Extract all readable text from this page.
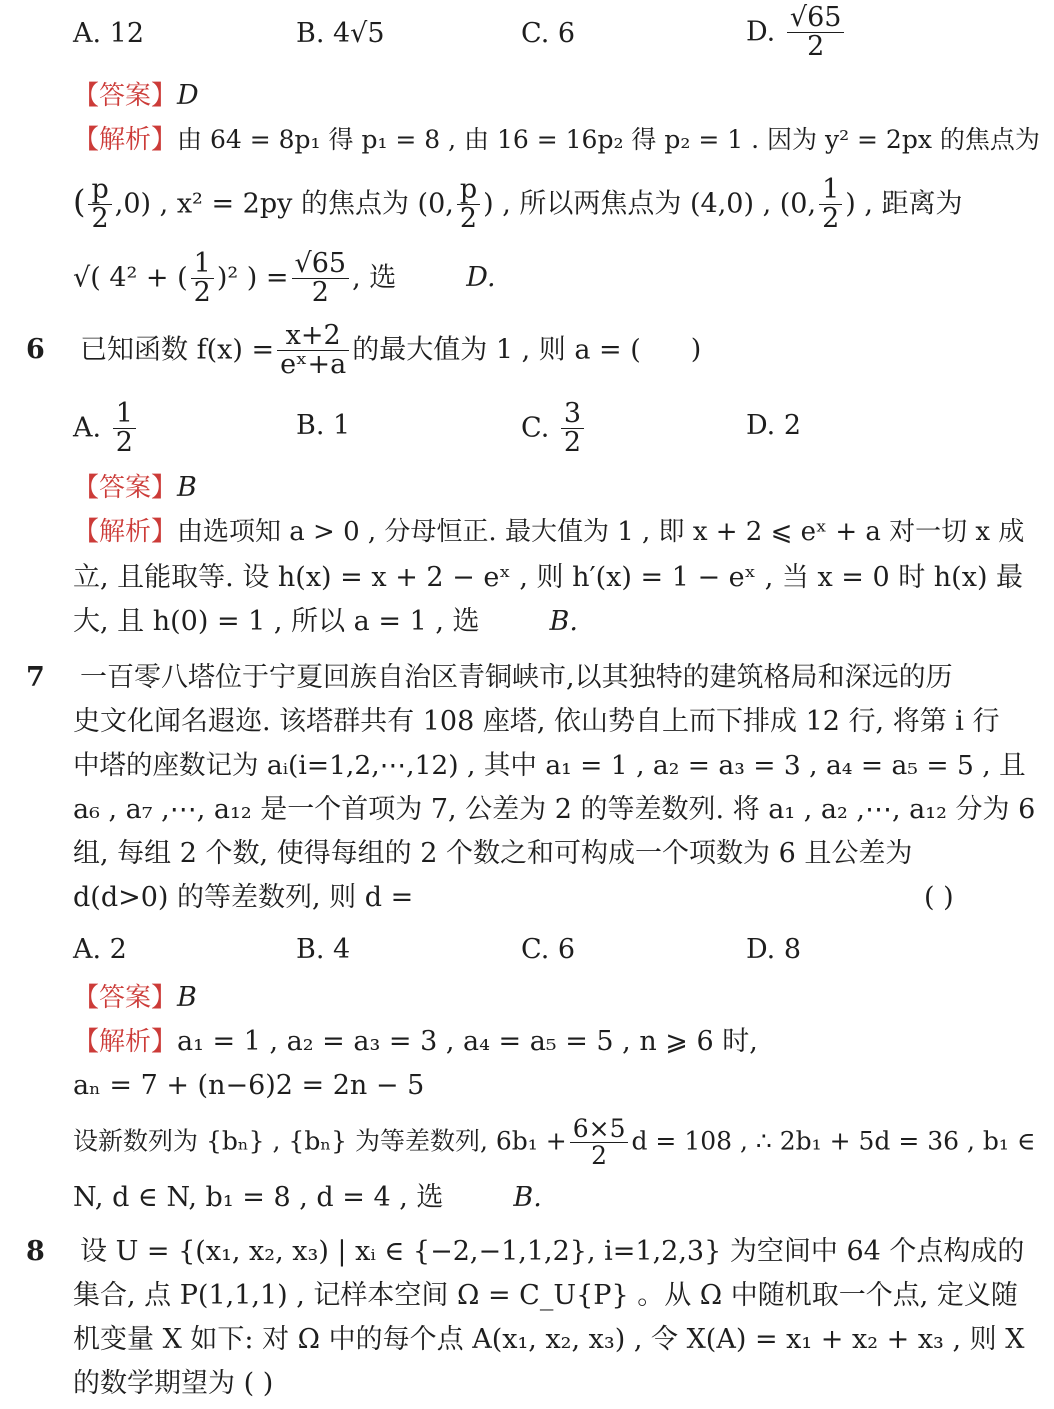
A. 12	B. 4√5	C. 6	D. $\frac{√65}{2}$
【答案】D
【解析】由 64 = 8p₁ 得 p₁ = 8 , 由 16 = 16p₂ 得 p₂ = 1 . 因为 y² = 2px 的焦点为
( $\frac{p}{2} ,0$) , x² = 2py 的焦点为 (0, $\frac{p}{2}$ ) , 所以两焦点为 (4,0) , (0, $\frac{1}{2}$ ) , 距离为
√( 4² + ( $\frac{1}{2} )^2$ ) = $\frac{√65}{2}$ , 选	D.
6 已知函数 $f(x) = \frac{x+2}{\text{eˣ+a}}$ 的最大值为 1 , 则 a = ( )
A. $\frac{1}{2}$	B. 1	C. $\frac{3}{2}$	D. 2
【答案】B
【解析】由选项知 a > 0 , 分母恒正. 最大值为 1 , 即 x + 2 ⩽ eˣ + a 对一切 x 成
立, 且能取等. 设 h(x) = x + 2 − eˣ , 则 h′(x) = 1 − eˣ , 当 x = 0 时 h(x) 最
大, 且 h(0) = 1 , 所以 a = 1 , 选	B.
7 一百零八塔位于宁夏回族自治区青铜峡市,以其独特的建筑格局和深远的历
史文化闻名遐迩. 该塔群共有 108 座塔, 依山势自上而下排成 12 行, 将第 i 行
中塔的座数记为 aᵢ(i=1,2,⋯,12) , 其中 a₁ = 1 , a₂ = a₃ = 3 , a₄ = a₅ = 5 , 且
a₆ , a₇ ,⋯, a₁₂ 是一个首项为 7, 公差为 2 的等差数列. 将 a₁ , a₂ ,⋯, a₁₂ 分为 6
组, 每组 2 个数, 使得每组的 2 个数之和可构成一个项数为 6 且公差为
d(d>0) 的等差数列, 则 d =	( )
A. 2	B. 4	C. 6	D. 8
【答案】B
【解析】a₁ = 1 , a₂ = a₃ = 3 , a₄ = a₅ = 5 , n ⩾ 6 时,
aₙ = 7 + (n−6)2 = 2n − 5
设新数列为 {bₙ} , {bₙ} 为等差数列, $6b_1 + \frac{6\times 5}{2}$ d = 108 , ∴ 2b₁ + 5d = 36 , b₁ ∈
N, d ∈ N, b₁ = 8 , d = 4 , 选	B.
8 设 U = {(x₁, x₂, x₃) | xᵢ ∈ {−2,−1,1,2}, i=1,2,3} 为空间中 64 个点构成的
集合, 点 P(1,1,1) , 记样本空间 Ω = C_U{P} 。从 Ω 中随机取一个点, 定义随
机变量 X 如下: 对 Ω 中的每个点 A(x₁, x₂, x₃) , 令 X(A) = x₁ + x₂ + x₃ , 则 X
的数学期望为 ( )
